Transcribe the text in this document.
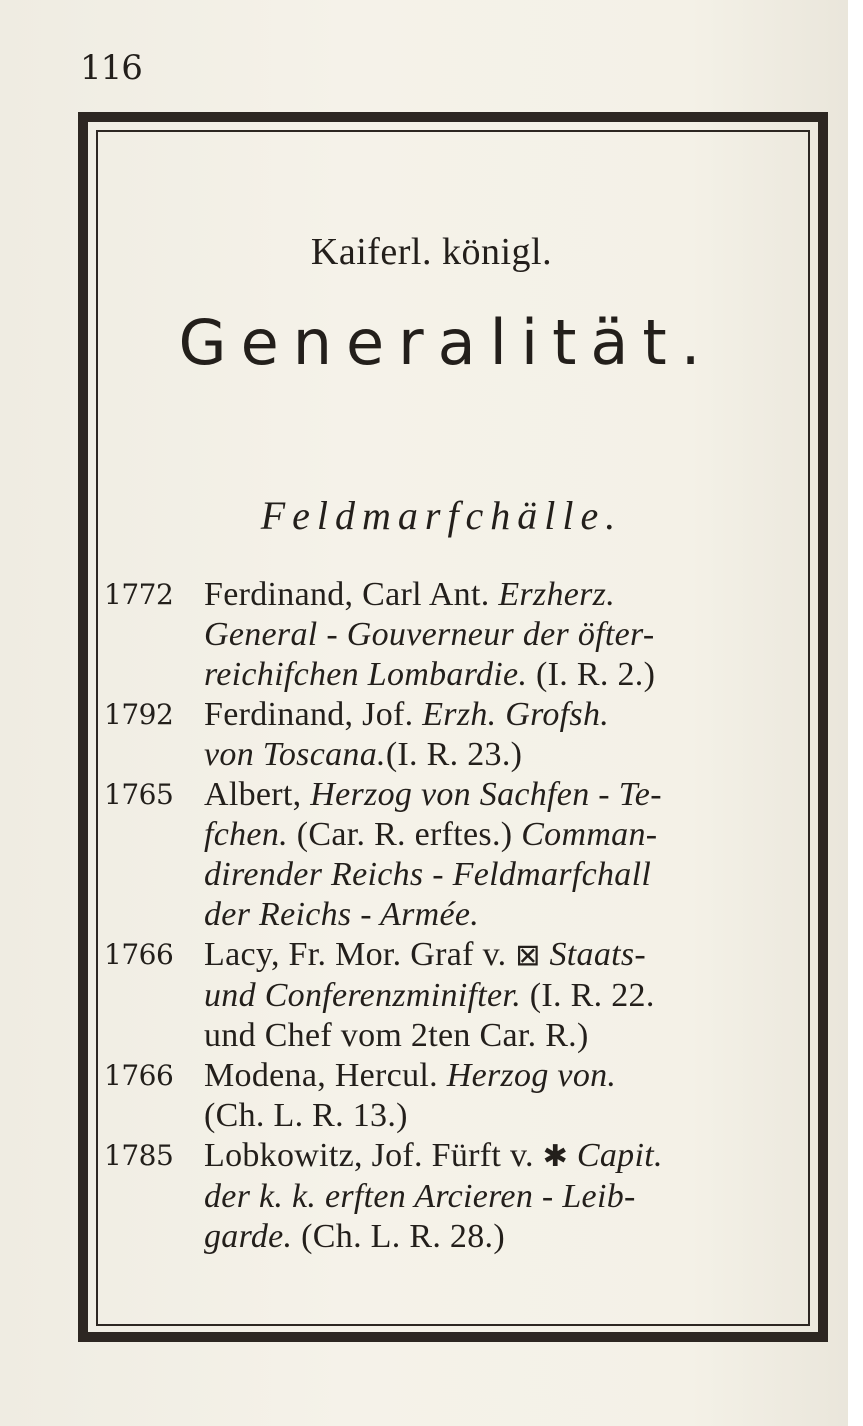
116
Kaiferl. königl.
Generalität.
Feldmarfchälle.
1772 Ferdinand, Carl Ant. Erzherz.
General - Gouverneur der öfter-
reichifchen Lombardie. (I. R. 2.)
1792 Ferdinand, Jof. Erzh. Grofsh.
von Toscana.(I. R. 23.)
1765 Albert, Herzog von Sachfen - Te-
fchen. (Car. R. erftes.) Comman-
dirender Reichs - Feldmarfchall
der Reichs - Armée.
1766 Lacy, Fr. Mor. Graf v. ⊠ Staats-
und Conferenzminifter. (I. R. 22.
und Chef vom 2ten Car. R.)
1766 Modena, Hercul. Herzog von.
(Ch. L. R. 13.)
1785 Lobkowitz, Jof. Fürft v. ✱ Capit.
der k. k. erften Arcieren - Leib-
garde. (Ch. L. R. 28.)
